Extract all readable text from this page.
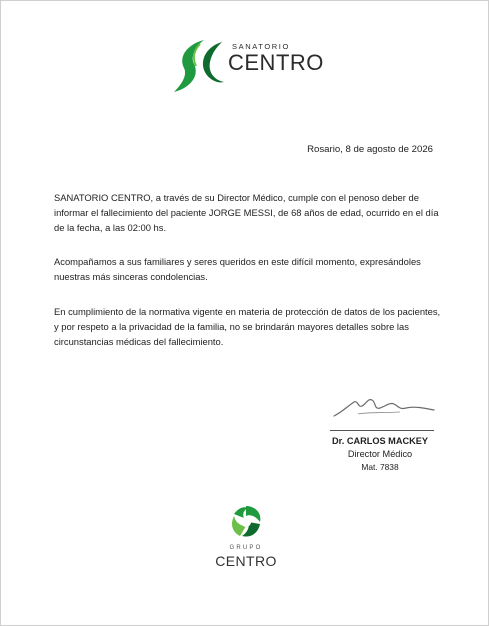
SANATORIO
CENTRO
Rosario, 8 de agosto de 2026

SANATORIO CENTRO, a través de su Director Médico, cumple con el penoso deber de informar el fallecimiento del paciente JORGE MESSI, de 68 años de edad, ocurrido en el día de la fecha, a las 02:00 hs.

Acompañamos a sus familiares y seres queridos en este difícil momento, expresándoles nuestras más sinceras condolencias.

En cumplimiento de la normativa vigente en materia de protección de datos de los pacientes, y por respeto a la privacidad de la familia, no se brindarán mayores detalles sobre las circunstancias médicas del fallecimiento.

Dr. CARLOS MACKEY
Director Médico
Mat. 7838
GRUPO
CENTRO
